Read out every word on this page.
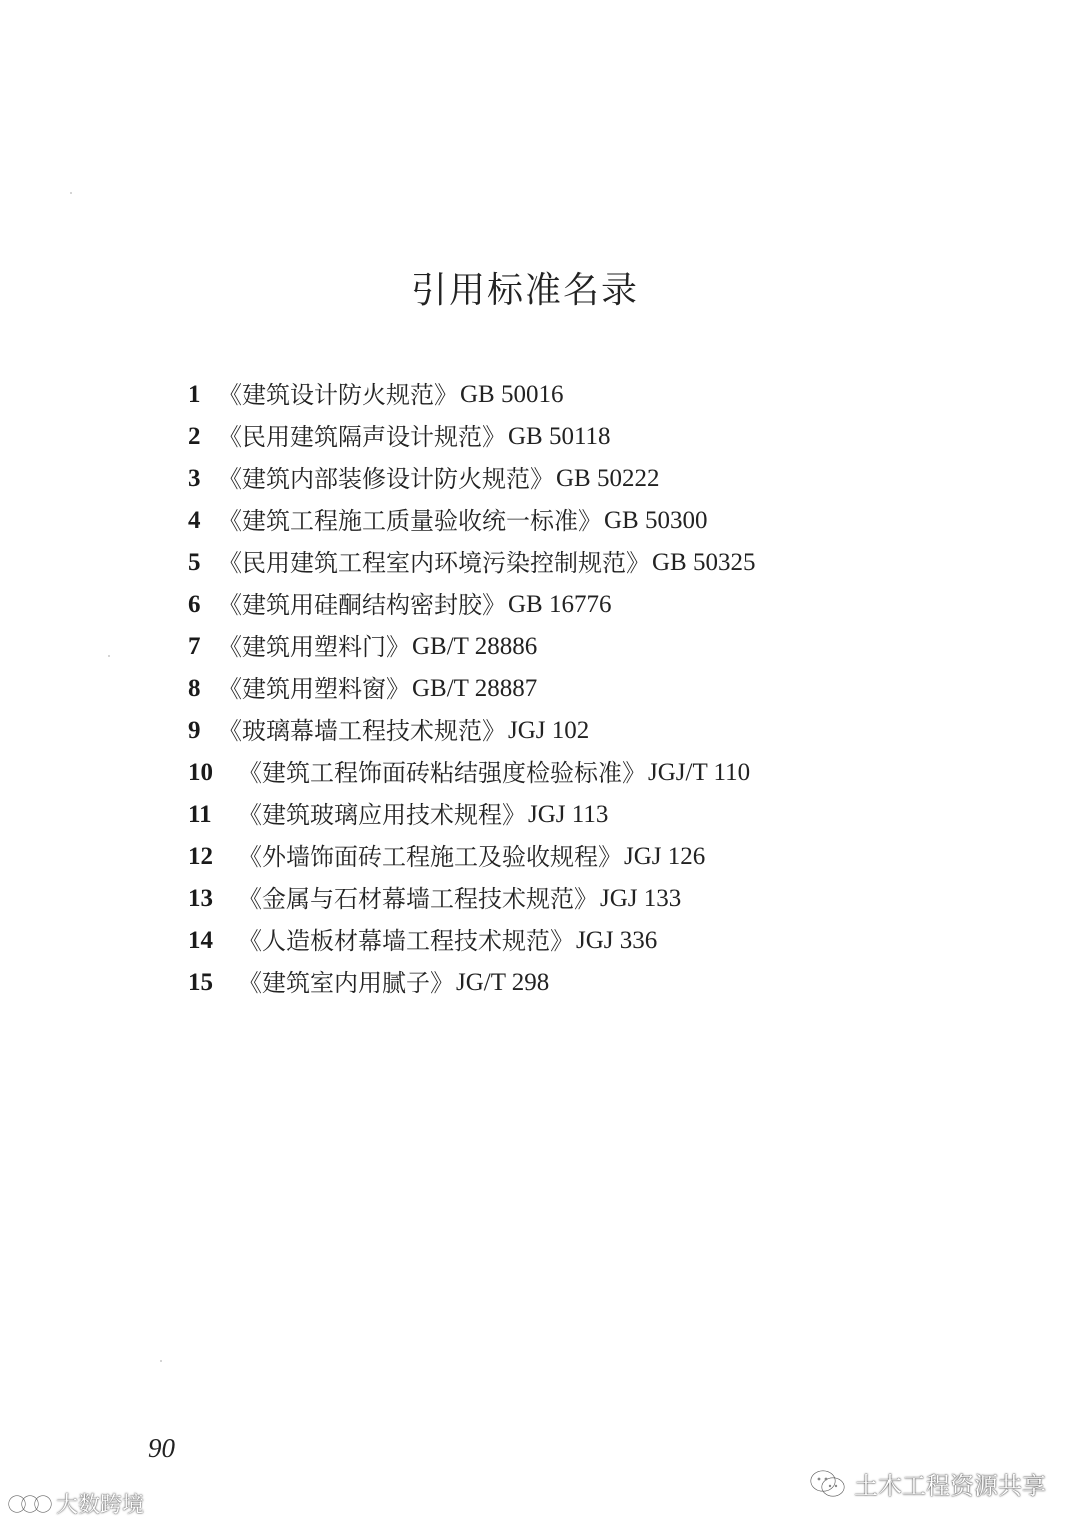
引用标准名录
1 《建筑设计防火规范》 GB 50016
2 《民用建筑隔声设计规范》 GB 50118
3 《建筑内部装修设计防火规范》 GB 50222
4 《建筑工程施工质量验收统一标准》 GB 50300
5 《民用建筑工程室内环境污染控制规范》 GB 50325
6 《建筑用硅酮结构密封胶》 GB 16776
7 《建筑用塑料门》 GB/T 28886
8 《建筑用塑料窗》 GB/T 28887
9 《玻璃幕墙工程技术规范》 JGJ 102
10	《建筑工程饰面砖粘结强度检验标准》 JGJ/T 110
11	《建筑玻璃应用技术规程》 JGJ 113
12	《外墙饰面砖工程施工及验收规程》 JGJ 126
13	《金属与石材幕墙工程技术规范》 JGJ 133
14	《人造板材幕墙工程技术规范》 JGJ 336
15	《建筑室内用腻子》 JG/T 298
90
大数跨境
土木工程资源共享
